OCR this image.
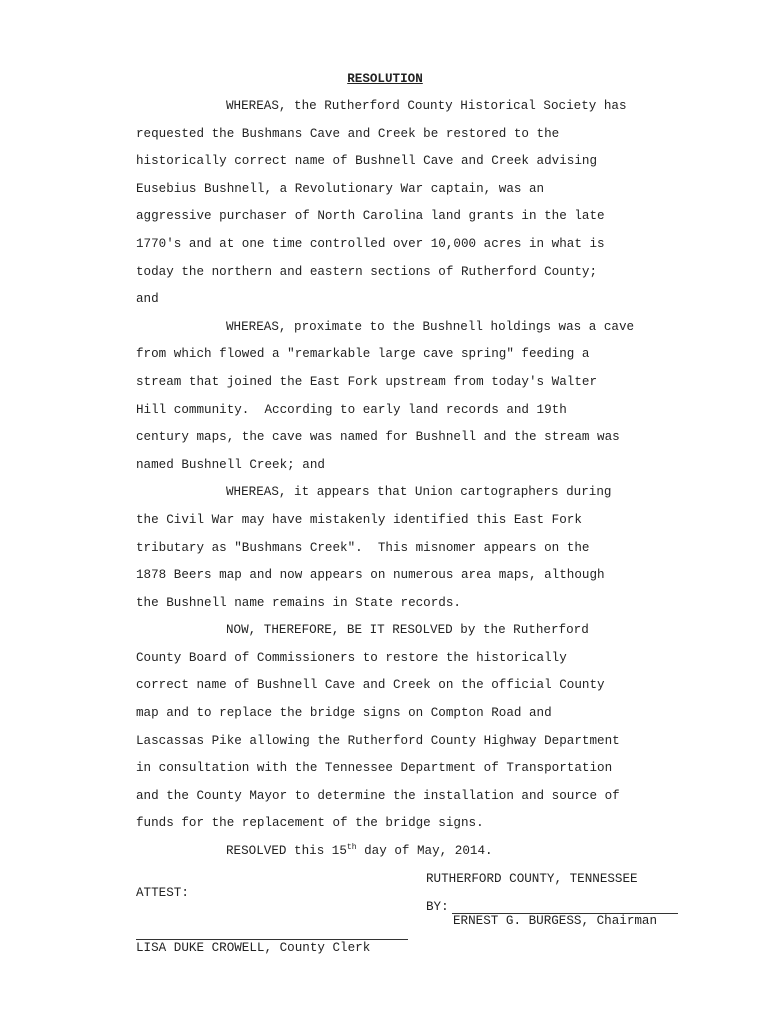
RESOLUTION
WHEREAS, the Rutherford County Historical Society has
requested the Bushmans Cave and Creek be restored to the
historically correct name of Bushnell Cave and Creek advising
Eusebius Bushnell, a Revolutionary War captain, was an
aggressive purchaser of North Carolina land grants in the late
1770's and at one time controlled over 10,000 acres in what is
today the northern and eastern sections of Rutherford County;
and
WHEREAS, proximate to the Bushnell holdings was a cave
from which flowed a "remarkable large cave spring" feeding a
stream that joined the East Fork upstream from today's Walter
Hill community.  According to early land records and 19th
century maps, the cave was named for Bushnell and the stream was
named Bushnell Creek; and
WHEREAS, it appears that Union cartographers during
the Civil War may have mistakenly identified this East Fork
tributary as "Bushmans Creek".  This misnomer appears on the
1878 Beers map and now appears on numerous area maps, although
the Bushnell name remains in State records.
NOW, THEREFORE, BE IT RESOLVED by the Rutherford
County Board of Commissioners to restore the historically
correct name of Bushnell Cave and Creek on the official County
map and to replace the bridge signs on Compton Road and
Lascassas Pike allowing the Rutherford County Highway Department
in consultation with the Tennessee Department of Transportation
and the County Mayor to determine the installation and source of
funds for the replacement of the bridge signs.
RESOLVED this 15th day of May, 2014.
RUTHERFORD COUNTY, TENNESSEE
ATTEST:
BY:
ERNEST G. BURGESS, Chairman
LISA DUKE CROWELL, County Clerk
